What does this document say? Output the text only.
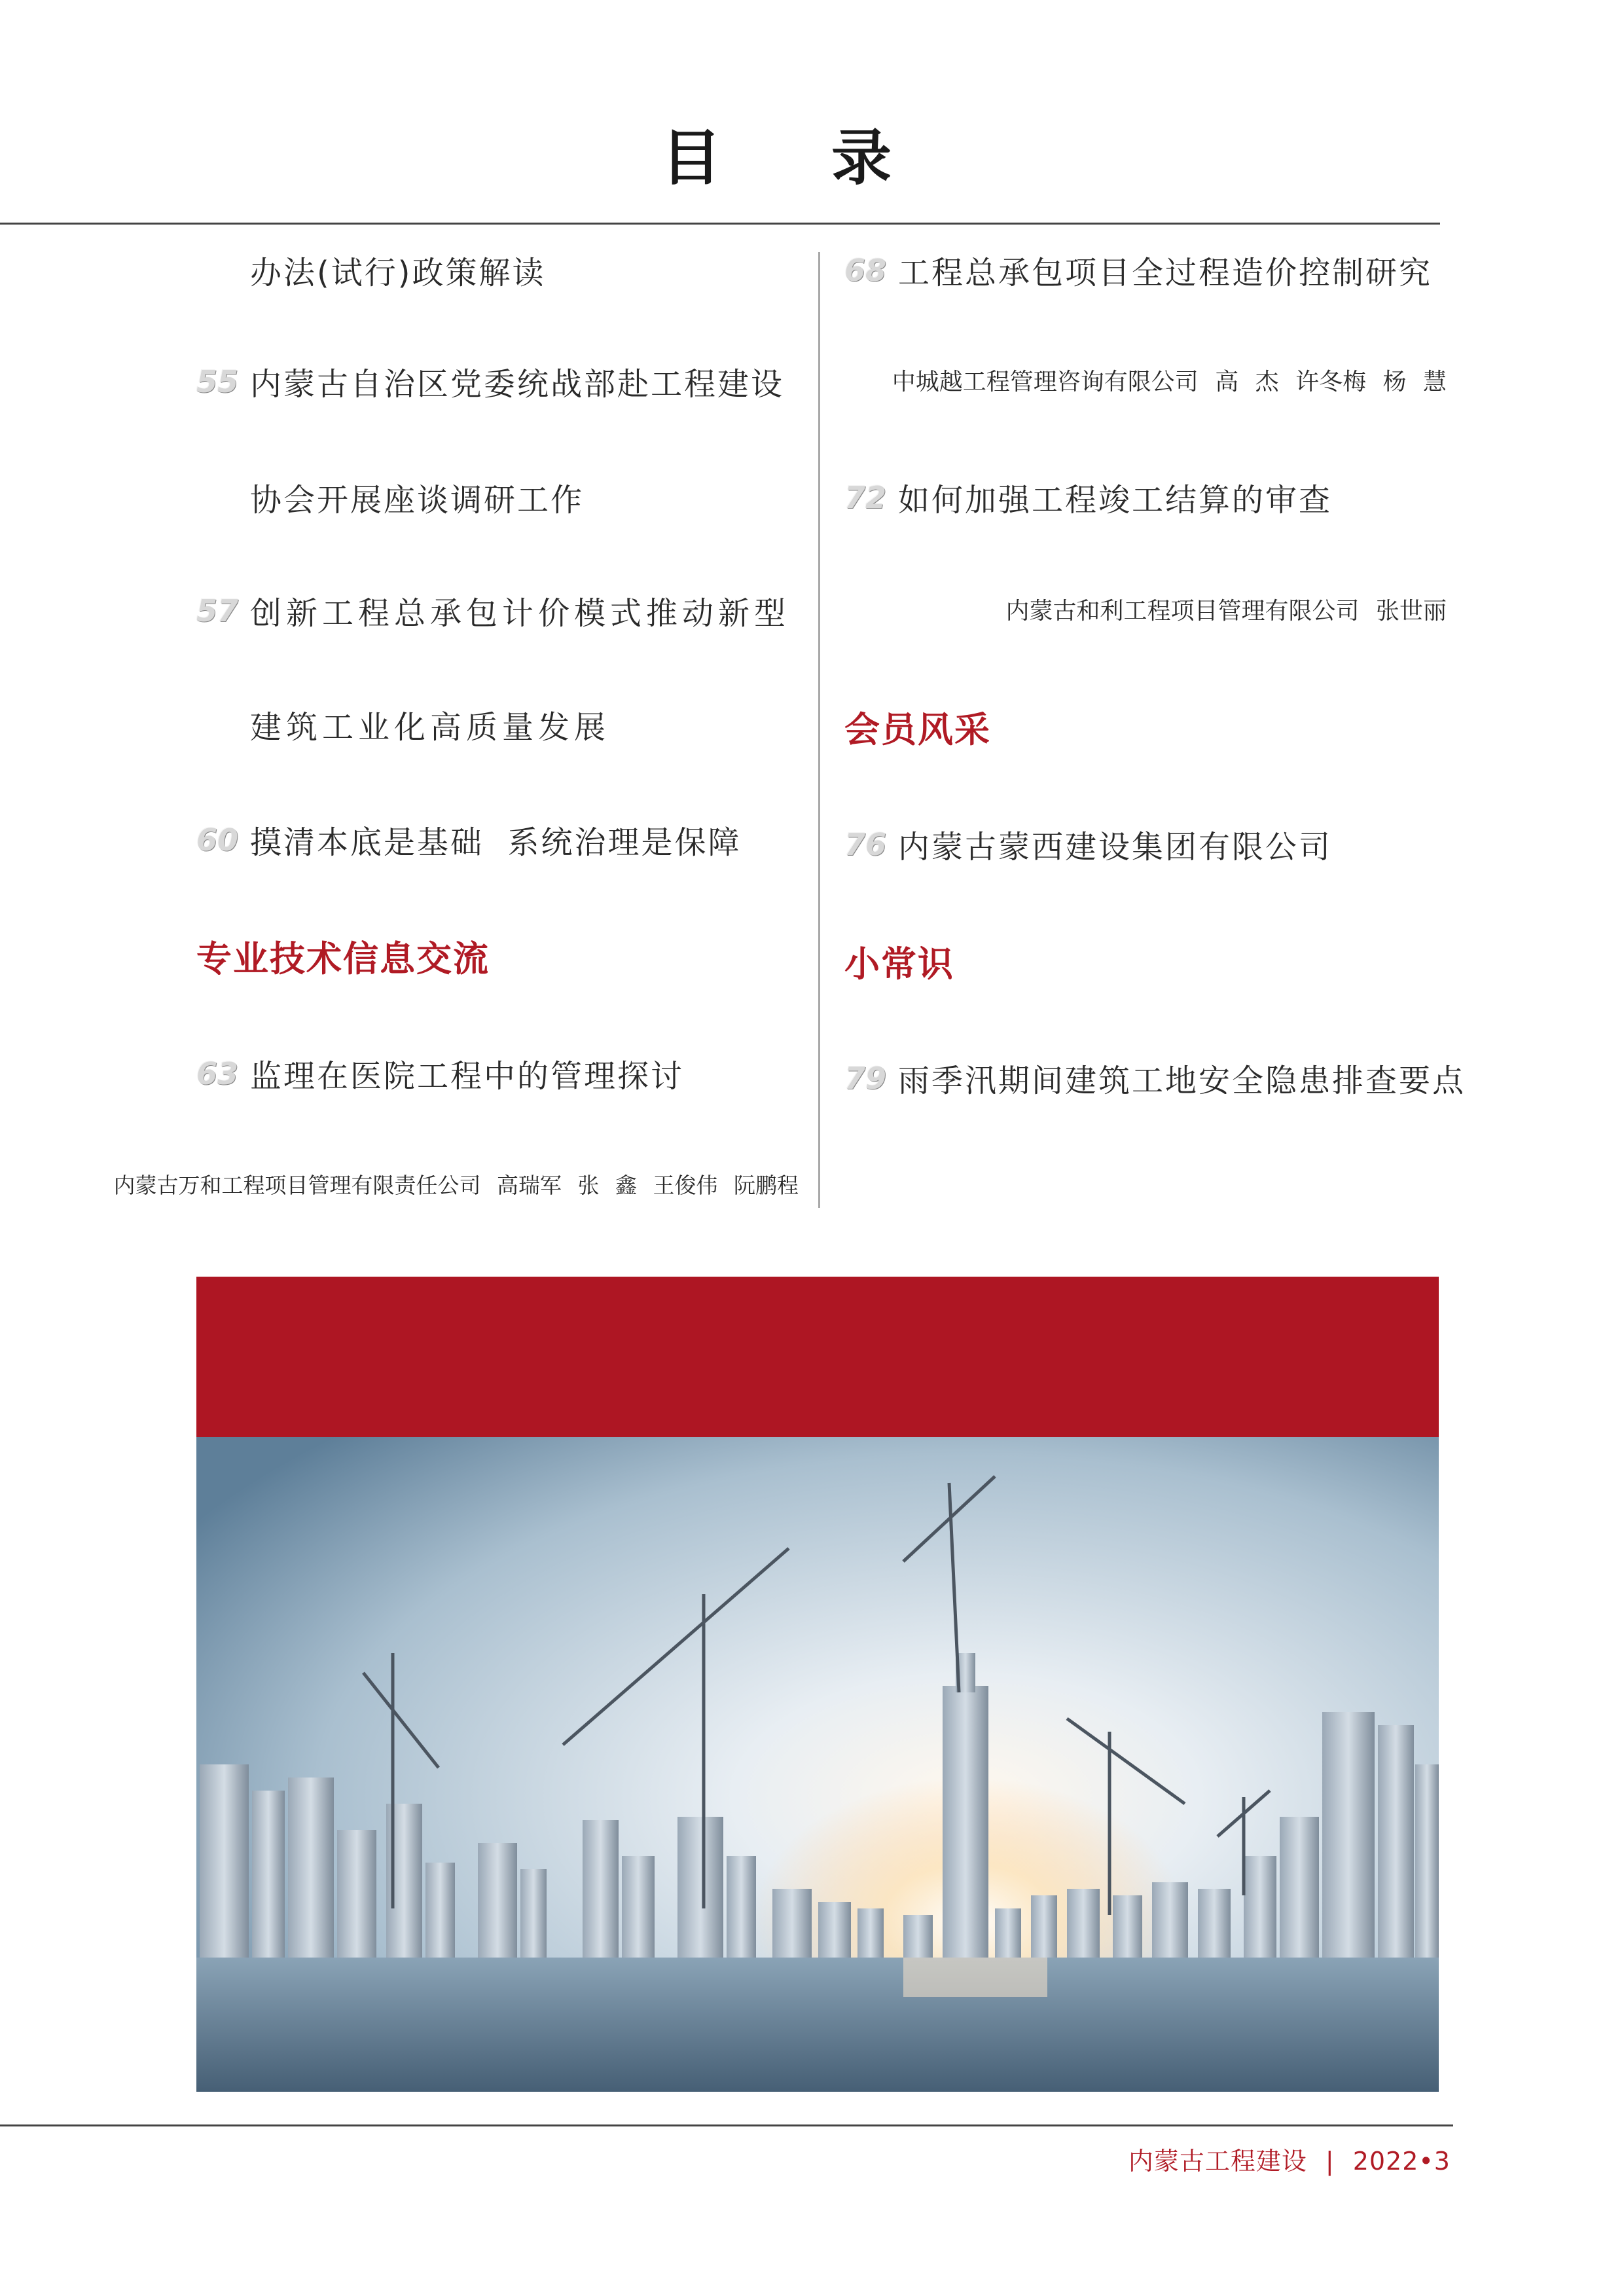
目 录
办法(试行)政策解读
55 内蒙古自治区党委统战部赴工程建设
协会开展座谈调研工作
57 创新工程总承包计价模式推动新型
建筑工业化高质量发展
60 摸清本底是基础  系统治理是保障
专业技术信息交流
63 监理在医院工程中的管理探讨
内蒙古万和工程项目管理有限责任公司 高瑞军 张 鑫 王俊伟 阮鹏程
68 工程总承包项目全过程造价控制研究
中城越工程管理咨询有限公司 高 杰 许冬梅 杨 慧
72 如何加强工程竣工结算的审查
内蒙古和利工程项目管理有限公司 张世丽
会员风采
76 内蒙古蒙西建设集团有限公司
小常识
79 雨季汛期间建筑工地安全隐患排查要点
内蒙古工程建设 | 2022•3
